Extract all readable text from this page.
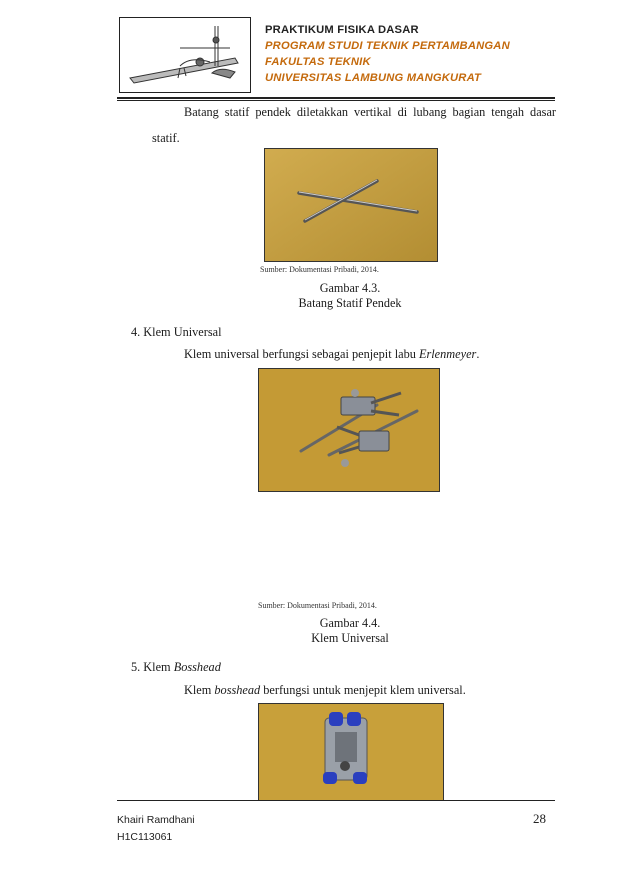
PRAKTIKUM FISIKA DASAR
PROGRAM STUDI TEKNIK PERTAMBANGAN
FAKULTAS TEKNIK
UNIVERSITAS LAMBUNG MANGKURAT
Batang statif pendek diletakkan vertikal di lubang bagian tengah dasar
statif.
Sumber: Dokumentasi Pribadi, 2014.
Gambar 4.3.
Batang Statif Pendek
4. Klem Universal
Klem universal berfungsi sebagai penjepit labu Erlenmeyer.
Sumber: Dokumentasi Pribadi, 2014.
Gambar 4.4.
Klem Universal
5. Klem Bosshead
Klem bosshead berfungsi untuk menjepit klem universal.
Khairi Ramdhani
H1C113061
28
